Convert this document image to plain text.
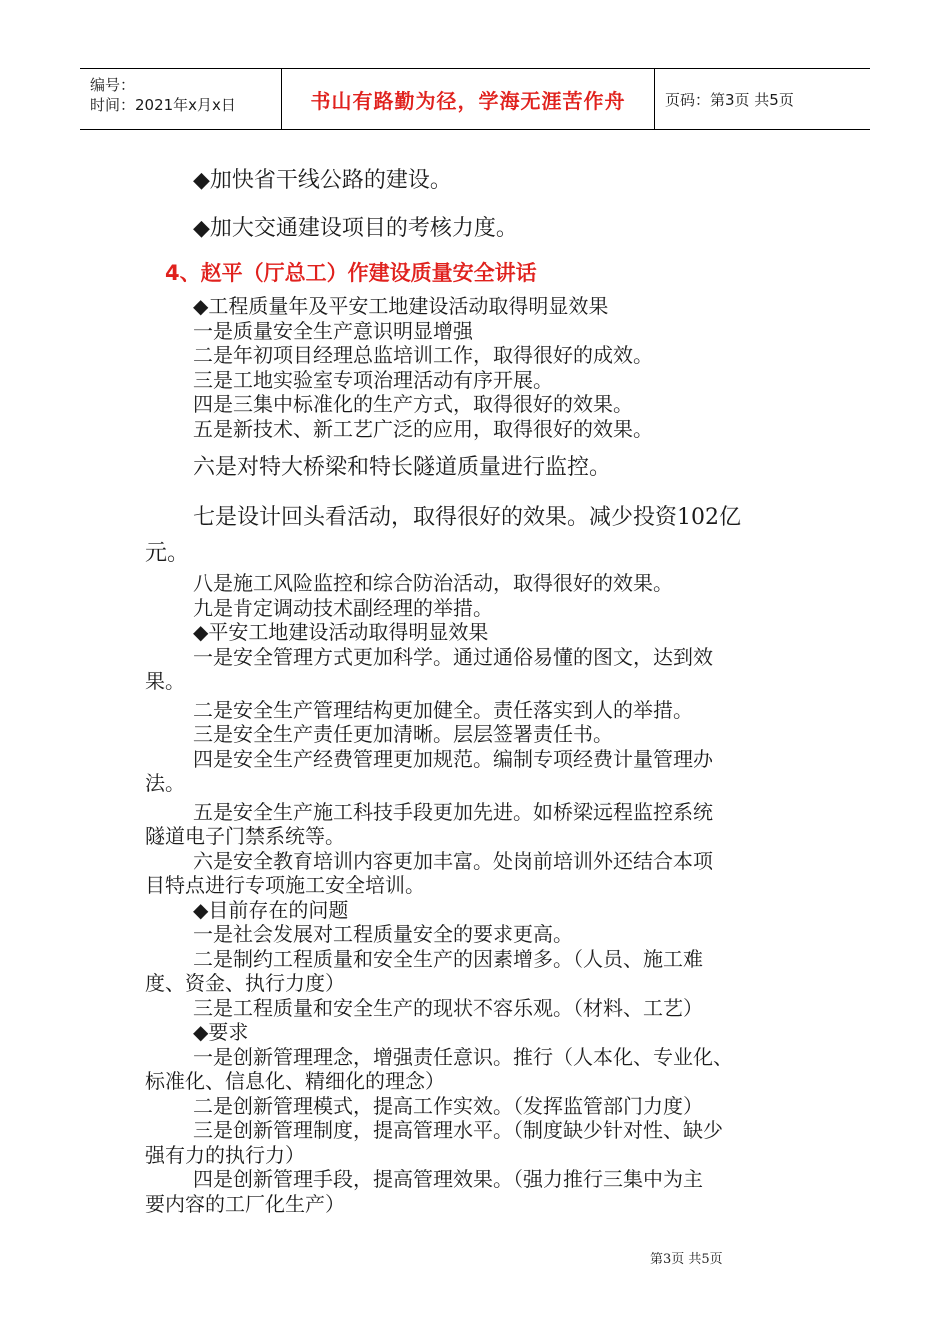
编号：
时间：2021年x月x日	书山有路勤为径，学海无涯苦作舟	页码：第3页 共5页

◆加快省干线公路的建设。

◆加大交通建设项目的考核力度。

4、赵平（厅总工）作建设质量安全讲话

◆工程质量年及平安工地建设活动取得明显效果

一是质量安全生产意识明显增强

二是年初项目经理总监培训工作，取得很好的成效。

三是工地实验室专项治理活动有序开展。

四是三集中标准化的生产方式，取得很好的效果。

五是新技术、新工艺广泛的应用，取得很好的效果。

六是对特大桥梁和特长隧道质量进行监控。

七是设计回头看活动，取得很好的效果。减少投资102亿

元。

八是施工风险监控和综合防治活动，取得很好的效果。

九是肯定调动技术副经理的举措。

◆平安工地建设活动取得明显效果

一是安全管理方式更加科学。通过通俗易懂的图文，达到效

果。

二是安全生产管理结构更加健全。责任落实到人的举措。

三是安全生产责任更加清晰。层层签署责任书。

四是安全生产经费管理更加规范。编制专项经费计量管理办

法。

五是安全生产施工科技手段更加先进。如桥梁远程监控系统

隧道电子门禁系统等。

六是安全教育培训内容更加丰富。处岗前培训外还结合本项

目特点进行专项施工安全培训。

◆目前存在的问题

一是社会发展对工程质量安全的要求更高。

二是制约工程质量和安全生产的因素增多。（人员、施工难

度、资金、执行力度）

三是工程质量和安全生产的现状不容乐观。（材料、工艺）

◆要求

一是创新管理理念，增强责任意识。推行（人本化、专业化、

标准化、信息化、精细化的理念）

二是创新管理模式，提高工作实效。（发挥监管部门力度）

三是创新管理制度，提高管理水平。（制度缺少针对性、缺少

强有力的执行力）

四是创新管理手段，提高管理效果。（强力推行三集中为主

要内容的工厂化生产）

第3页 共5页
